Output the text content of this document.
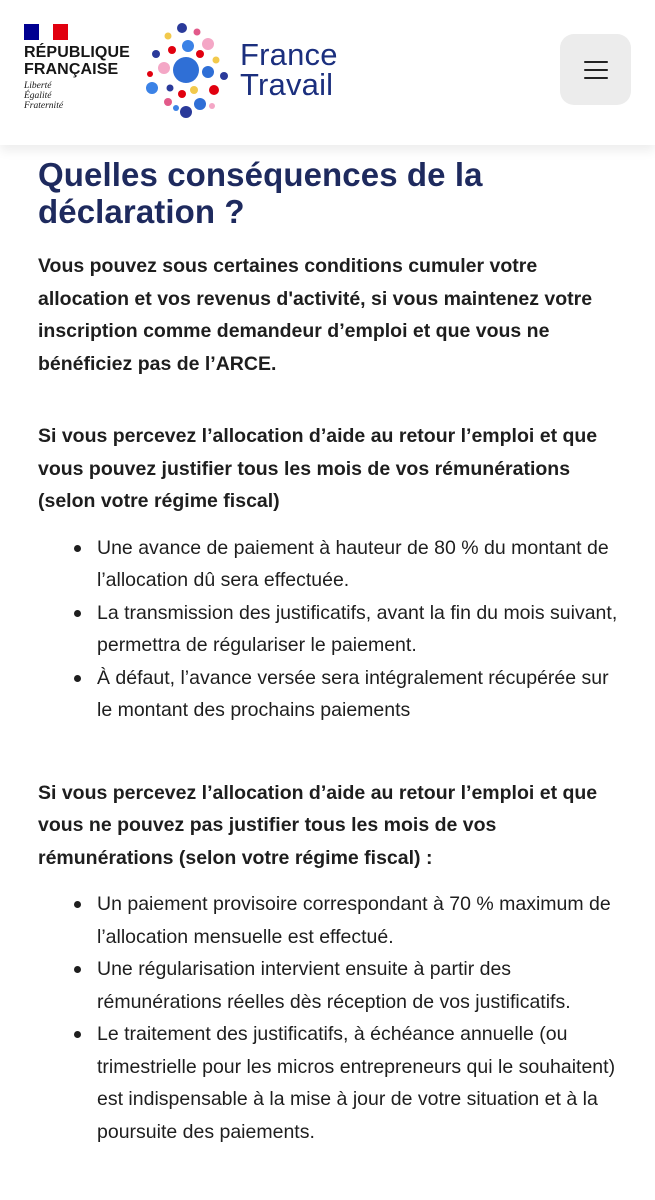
RÉPUBLIQUE
FRANÇAISE
Liberté
Égalité
Fraternité
France
Travail
Quelles conséquences de la déclaration ?

Vous pouvez sous certaines conditions cumuler votre allocation et vos revenus d'activité, si vous maintenez votre inscription comme demandeur d’emploi et que vous ne bénéficiez pas de l’ARCE.

Si vous percevez l’allocation d’aide au retour l’emploi et que vous pouvez justifier tous les mois de vos rémunérations (selon votre régime fiscal)

Une avance de paiement à hauteur de 80 % du montant de l’allocation dû sera effectuée.
La transmission des justificatifs, avant la fin du mois suivant, permettra de régulariser le paiement.
À défaut, l’avance versée sera intégralement récupérée sur le montant des prochains paiements

Si vous percevez l’allocation d’aide au retour l’emploi et que vous ne pouvez pas justifier tous les mois de vos rémunérations (selon votre régime fiscal) :

Un paiement provisoire correspondant à 70 % maximum de l’allocation mensuelle est effectué.
Une régularisation intervient ensuite à partir des rémunérations réelles dès réception de vos justificatifs.
Le traitement des justificatifs, à échéance annuelle (ou trimestrielle pour les micros entrepreneurs qui le souhaitent) est indispensable à la mise à jour de votre situation et à la poursuite des paiements.
